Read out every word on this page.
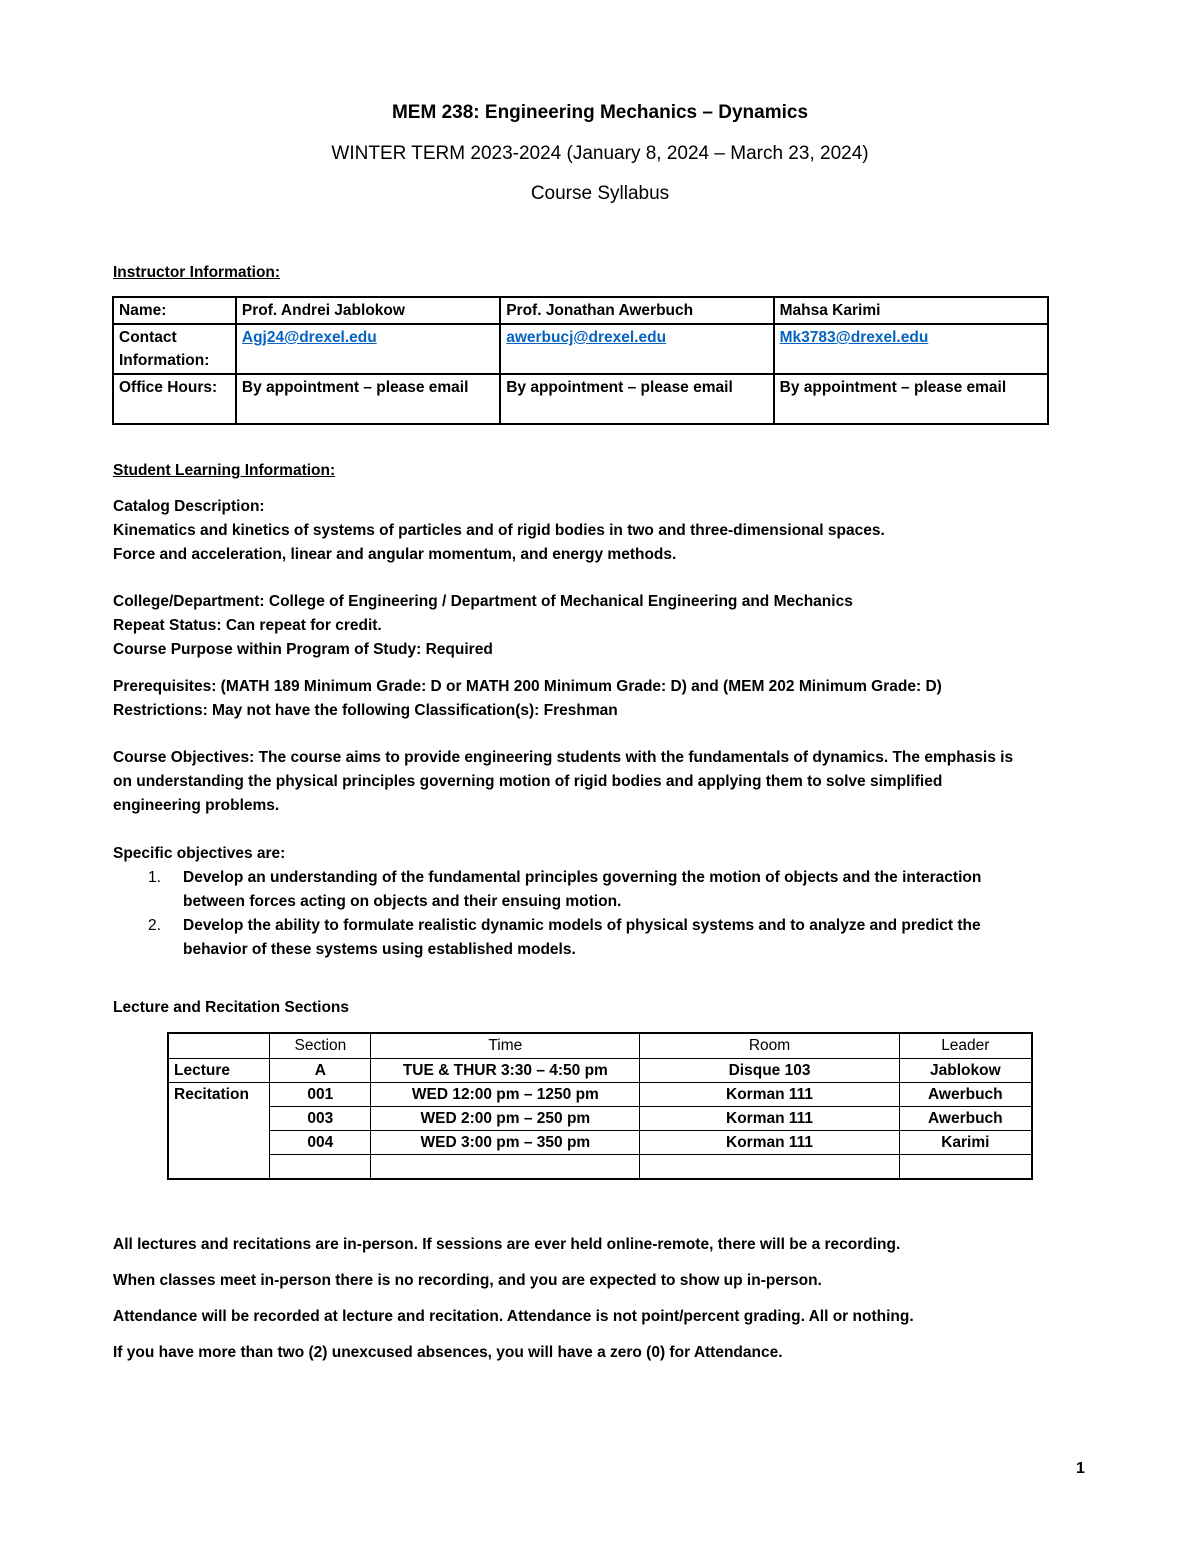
MEM 238: Engineering Mechanics – Dynamics
WINTER TERM 2023-2024 (January 8, 2024 – March 23, 2024)
Course Syllabus
Instructor Information:
Name:	Prof. Andrei Jablokow	Prof. Jonathan Awerbuch	Mahsa Karimi
Contact Information:	Agj24@drexel.edu	awerbucj@drexel.edu	Mk3783@drexel.edu
Office Hours:	By appointment – please email	By appointment – please email	By appointment – please email
Student Learning Information:
Catalog Description:
Kinematics and kinetics of systems of particles and of rigid bodies in two and three-dimensional spaces.
Force and acceleration, linear and angular momentum, and energy methods.
College/Department: College of Engineering / Department of Mechanical Engineering and Mechanics
Repeat Status: Can repeat for credit.
Course Purpose within Program of Study: Required
Prerequisites: (MATH 189 Minimum Grade: D or MATH 200 Minimum Grade: D) and (MEM 202 Minimum Grade: D)
Restrictions: May not have the following Classification(s): Freshman
Course Objectives: The course aims to provide engineering students with the fundamentals of dynamics. The emphasis is
on understanding the physical principles governing motion of rigid bodies and applying them to solve simplified
engineering problems.
Specific objectives are:
1. Develop an understanding of the fundamental principles governing the motion of objects and the interaction
between forces acting on objects and their ensuing motion.
2. Develop the ability to formulate realistic dynamic models of physical systems and to analyze and predict the
behavior of these systems using established models.
Lecture and Recitation Sections
	Section	Time	Room	Leader
Lecture	A	TUE & THUR 3:30 – 4:50 pm	Disque 103	Jablokow
Recitation	001	WED 12:00 pm – 1250 pm	Korman 111	Awerbuch
	003	WED 2:00 pm – 250 pm	Korman 111	Awerbuch
	004	WED 3:00 pm – 350 pm	Korman 111	Karimi

All lectures and recitations are in-person. If sessions are ever held online-remote, there will be a recording.
When classes meet in-person there is no recording, and you are expected to show up in-person.
Attendance will be recorded at lecture and recitation. Attendance is not point/percent grading. All or nothing.
If you have more than two (2) unexcused absences, you will have a zero (0) for Attendance.
1
